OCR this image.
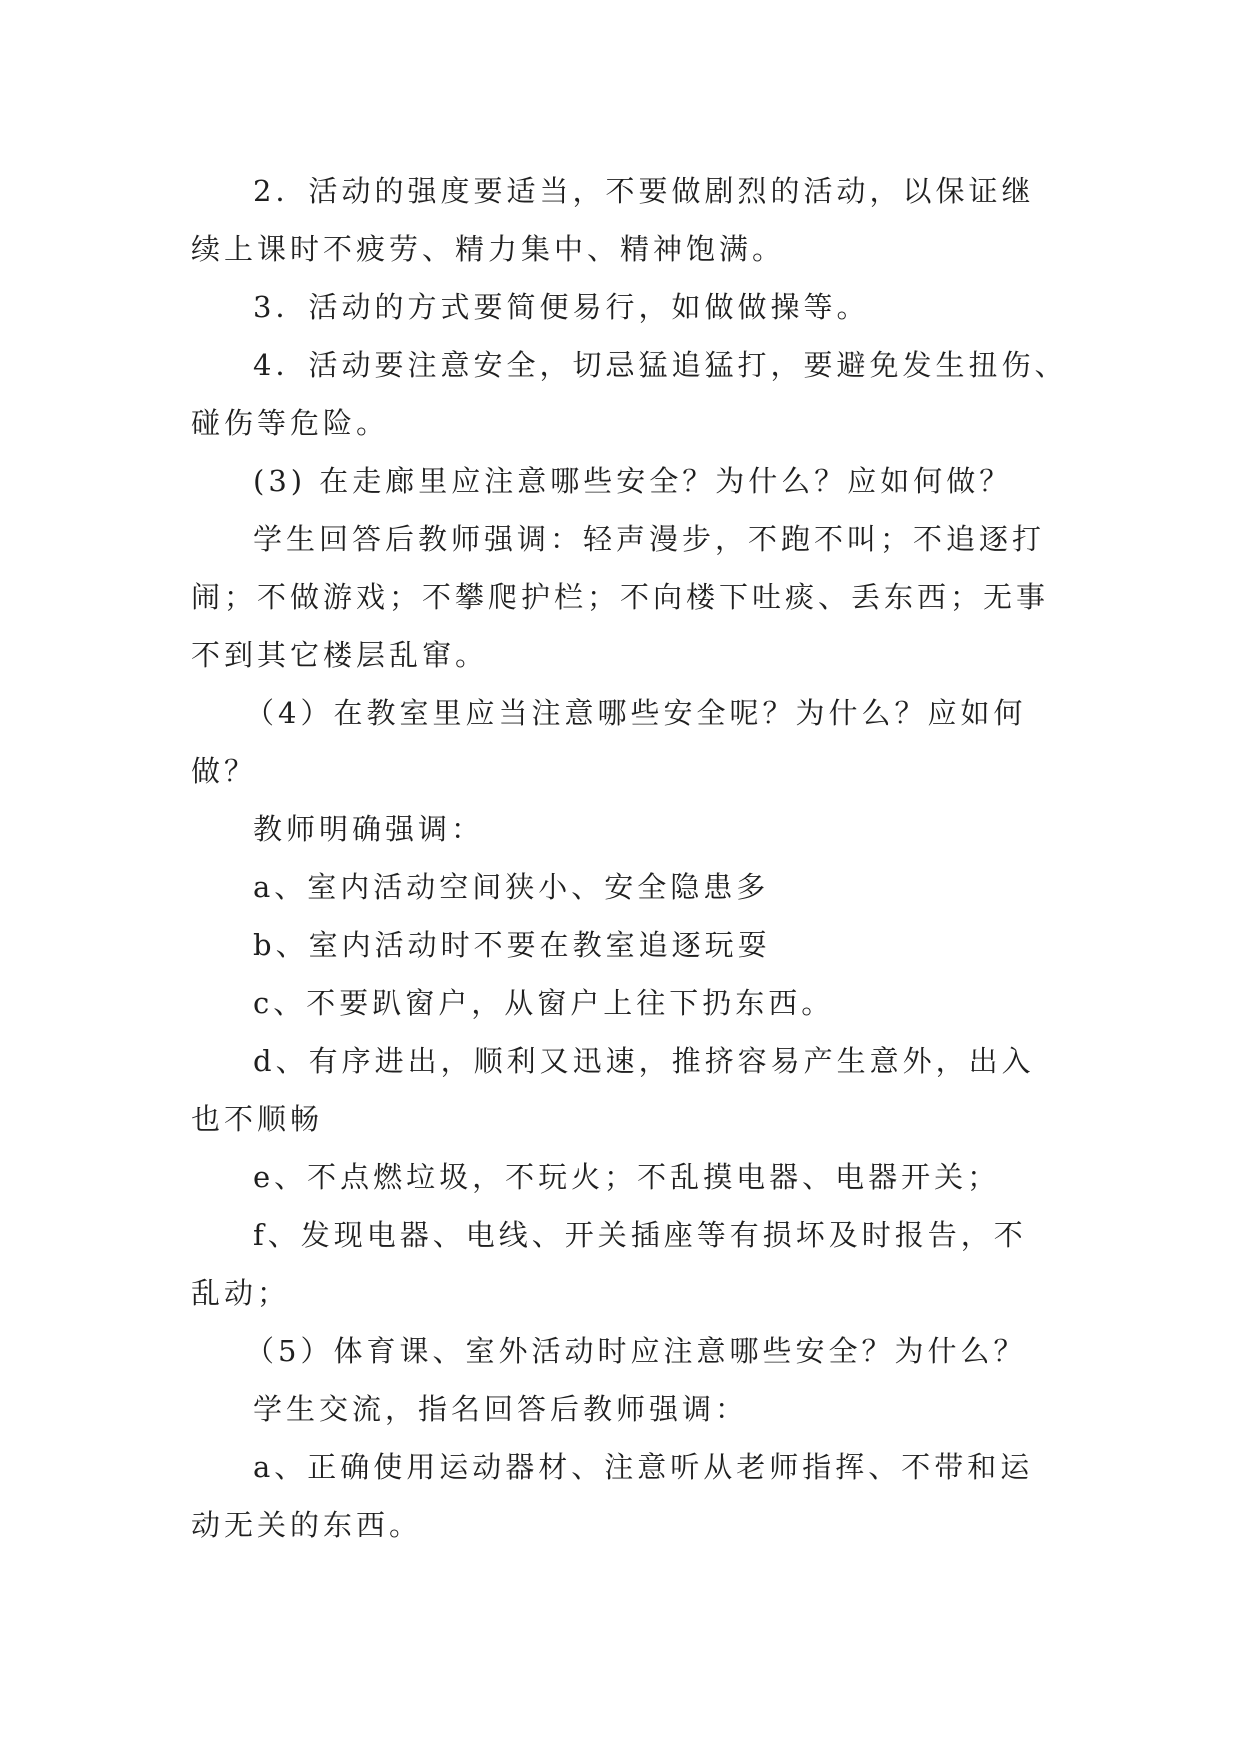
2．活动的强度要适当，不要做剧烈的活动，以保证继
续上课时不疲劳、精力集中、精神饱满。

3．活动的方式要简便易行，如做做操等。

4．活动要注意安全，切忌猛追猛打，要避免发生扭伤、
碰伤等危险。

(3) 在走廊里应注意哪些安全？为什么？应如何做？

学生回答后教师强调：轻声漫步，不跑不叫；不追逐打
闹；不做游戏；不攀爬护栏；不向楼下吐痰、丢东西；无事
不到其它楼层乱窜。

（4）在教室里应当注意哪些安全呢？为什么？应如何
做？

教师明确强调：

a、室内活动空间狭小、安全隐患多

b、室内活动时不要在教室追逐玩耍

c、不要趴窗户，从窗户上往下扔东西。

d、有序进出，顺利又迅速，推挤容易产生意外，出入
也不顺畅

e、不点燃垃圾，不玩火；不乱摸电器、电器开关；

f、发现电器、电线、开关插座等有损坏及时报告，不
乱动；

（5）体育课、室外活动时应注意哪些安全？为什么？

学生交流，指名回答后教师强调：

a、正确使用运动器材、注意听从老师指挥、不带和运
动无关的东西。
